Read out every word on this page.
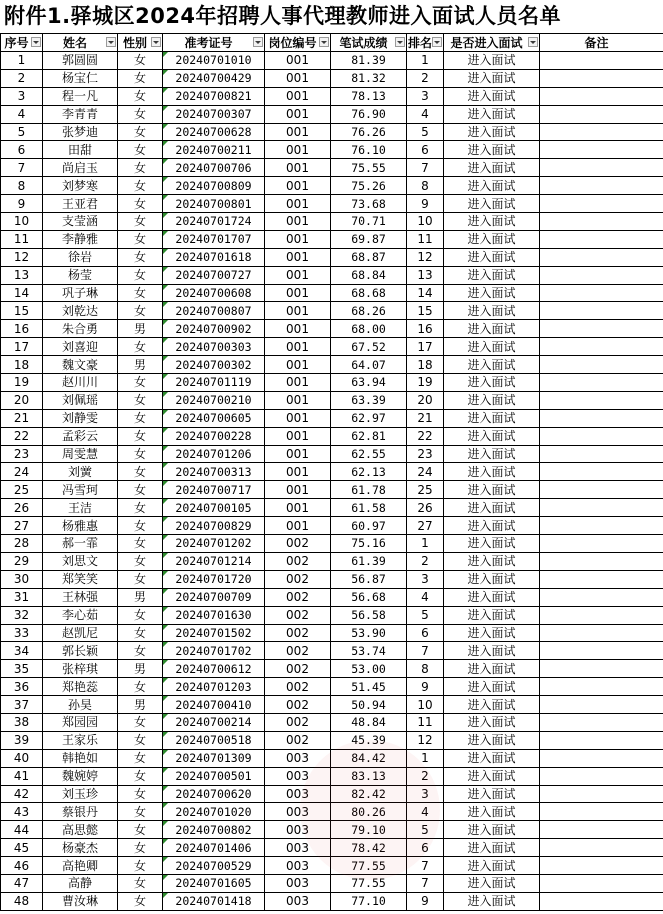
附件1.驿城区2024年招聘人事代理教师进入面试人员名单
序号	姓名	性别	准考证号	岗位编号	笔试成绩	排名	是否进入面试	备注
1	郭圆圆	女	20240701010	001	81.39	1	进入面试	
2	杨宝仁	女	20240700429	001	81.32	2	进入面试	
3	程一凡	女	20240700821	001	78.13	3	进入面试	
4	李青青	女	20240700307	001	76.90	4	进入面试	
5	张梦迪	女	20240700628	001	76.26	5	进入面试	
6	田甜	女	20240700211	001	76.10	6	进入面试	
7	尚启玉	女	20240700706	001	75.55	7	进入面试	
8	刘梦寒	女	20240700809	001	75.26	8	进入面试	
9	王亚君	女	20240700801	001	73.68	9	进入面试	
10	支莹涵	女	20240701724	001	70.71	10	进入面试	
11	李静雅	女	20240701707	001	69.87	11	进入面试	
12	徐岩	女	20240701618	001	68.87	12	进入面试	
13	杨莹	女	20240700727	001	68.84	13	进入面试	
14	巩子琳	女	20240700608	001	68.68	14	进入面试	
15	刘乾达	女	20240700807	001	68.26	15	进入面试	
16	朱合勇	男	20240700902	001	68.00	16	进入面试	
17	刘喜迎	女	20240700303	001	67.52	17	进入面试	
18	魏文豪	男	20240700302	001	64.07	18	进入面试	
19	赵川川	女	20240701119	001	63.94	19	进入面试	
20	刘佩瑶	女	20240700210	001	63.39	20	进入面试	
21	刘静雯	女	20240700605	001	62.97	21	进入面试	
22	孟彩云	女	20240700228	001	62.81	22	进入面试	
23	周雯慧	女	20240701206	001	62.55	23	进入面试	
24	刘黉	女	20240700313	001	62.13	24	进入面试	
25	冯雪珂	女	20240700717	001	61.78	25	进入面试	
26	王洁	女	20240700105	001	61.58	26	进入面试	
27	杨雅惠	女	20240700829	001	60.97	27	进入面试	
28	郝一霏	女	20240701202	002	75.16	1	进入面试	
29	刘思文	女	20240701214	002	61.39	2	进入面试	
30	郑笑笑	女	20240701720	002	56.87	3	进入面试	
31	王林强	男	20240700709	002	56.68	4	进入面试	
32	李心茹	女	20240701630	002	56.58	5	进入面试	
33	赵凯尼	女	20240701502	002	53.90	6	进入面试	
34	郭长颖	女	20240701702	002	53.74	7	进入面试	
35	张梓琪	男	20240700612	002	53.00	8	进入面试	
36	郑艳蕊	女	20240701203	002	51.45	9	进入面试	
37	孙昊	男	20240700410	002	50.94	10	进入面试	
38	郑园园	女	20240700214	002	48.84	11	进入面试	
39	王家乐	女	20240700518	002	45.39	12	进入面试	
40	韩艳如	女	20240701309	003	84.42	1	进入面试	
41	魏婉婷	女	20240700501	003	83.13	2	进入面试	
42	刘玉珍	女	20240700620	003	82.42	3	进入面试	
43	蔡银丹	女	20240701020	003	80.26	4	进入面试	
44	高思懿	女	20240700802	003	79.10	5	进入面试	
45	杨豪杰	女	20240701406	003	78.42	6	进入面试	
46	高艳卿	女	20240700529	003	77.55	7	进入面试	
47	高静	女	20240701605	003	77.55	7	进入面试	
48	曹汝琳	女	20240701418	003	77.10	9	进入面试	
